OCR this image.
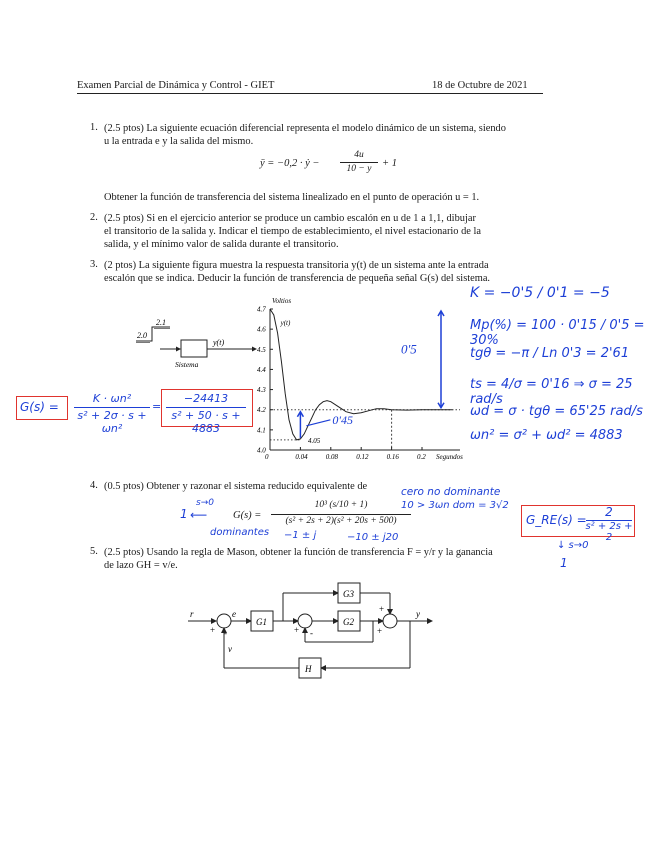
Examen Parcial de Dinámica y Control - GIET	18 de Octubre de 2021
1. (2.5 ptos) La siguiente ecuación diferencial representa el modelo dinámico de un sistema, siendo
u la entrada e y la salida del mismo.
ÿ = −0,2 · ẏ −
4u
10 − y	+ 1
Obtener la función de transferencia del sistema linealizado en el punto de operación u = 1.
2. (2.5 ptos) Si en el ejercicio anterior se produce un cambio escalón en u de 1 a 1,1, dibujar
el transitorio de la salida y. Indicar el tiempo de establecimiento, el nivel estacionario de la
salida, y el mínimo valor de salida durante el transitorio.
3. (2 ptos) La siguiente figura muestra la respuesta transitoria y(t) de un sistema ante la entrada
escalón que se indica. Deducir la función de transferencia de pequeña señal G(s) del sistema.
2.0
2.1
y(t)
Sistema
0	0.04	0.08	0.12	0.16	0.2
4.0
4.1
4.2
4.3
4.4
4.5
4.6
4.7
Voltios
Segundos
y(t)
4.05
0'5
0'45
K = −0'5 / 0'1 = −5
Mp(%) = 100 · 0'15 / 0'5 = 30%
tgθ = −π / Ln 0'3 = 2'61
ts = 4/σ = 0'16 ⇒ σ = 25 rad/s
ωd = σ · tgθ = 65'25 rad/s
ωn² = σ² + ωd² = 4883
G(s) =
K · ωn²
s² + 2σ · s + ωn²
=
−24413
s² + 50 · s + 4883
4. (0.5 ptos) Obtener y razonar el sistema reducido equivalente de
G(s) =
10³ (s/10 + 1)
(s² + 2s + 2)(s² + 20s + 500)
s→0
1 ⟵
cero no dominante
10 > 3ωn dom = 3√2
dominantes −1 ± j	−10 ± j20
G_RE(s) =
2
s² + 2s + 2
↓ s→0
1
5. (2.5 ptos) Usando la regla de Mason, obtener la función de transferencia F = y/r y la ganancia
de lazo GH = v/e.
r
+ -
e
G1
G3
+ -
G2
+
+
y
H
v
